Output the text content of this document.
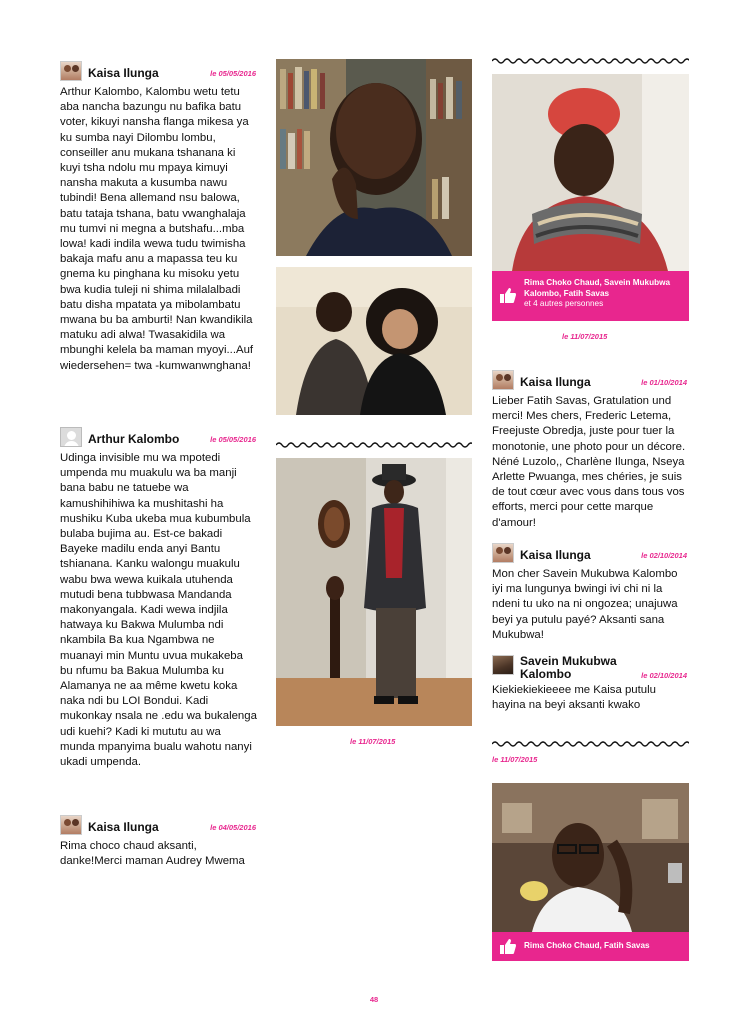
Kaisa Ilunga	le 05/05/2016
Arthur Kalombo, Kalombu wetu tetu aba nancha bazungu nu bafika batu voter, kikuyi nansha flanga mikesa ya ku sumba nayi Dilombu lombu, conseiller anu mukana tshanana ki kuyi tsha ndolu mu mpaya kimuyi nansha makuta a kusumba nawu tubindi! Bena allemand nsu balowa, batu tataja tshana, batu vwanghalaja mu tumvi ni megna a butshafu...mba lowa! kadi indila wewa tudu twimisha bakaja mafu anu a mapassa teu ku gnema ku pinghana ku misoku yetu bwa kudia tuleji ni shima milalalbadi batu disha mpatata ya mibolambatu mwana bu ba amburti! Nan kwandikila matuku adi alwa! Twasakidila wa mbunghi kelela ba maman myoyi...Auf wiedersehen= twa -kumwanwnghana!
Arthur Kalombo	le 05/05/2016
Udinga invisible mu wa mpotedi umpenda mu muakulu wa ba manji bana babu ne tatuebe wa kamushihihiwa ka mushitashi ha mushiku Kuba ukeba mua kubumbula bulaba bujima au. Est-ce bakadi Bayeke madilu enda anyi Bantu tshianana. Kanku walongu muakulu wabu bwa wewa kuikala utuhenda mutudi bena tubbwasa Mandanda makonyangala. Kadi wewa indjila hatwaya ku Bakwa Mulumba ndi nkambila Ba kua Ngambwa ne muanayi min Muntu uvua mukakeba bu nfumu ba Bakua Mulumba ku Alamanya ne aa même kwetu koka naka ndi bu LOI Bondui. Kadi mukonkay nsala ne .edu wa bukalenga udi kuehi? Kadi ki mututu au wa munda mpanyima bualu wahotu nanyi ukadi umpenda.
Kaisa Ilunga	le 04/05/2016
Rima choco chaud aksanti, danke!Merci maman Audrey Mwema
le 11/07/2015
Rima Choko Chaud, Savein Mukubwa Kalombo, Fatih Savas
et 4 autres personnes
le 11/07/2015
Kaisa Ilunga	le 01/10/2014
Lieber Fatih Savas, Gratulation und merci! Mes chers, Frederic Letema, Freejuste Obredja, juste pour tuer la monotonie, une photo pour un décore. Néné Luzolo,, Charlène Ilunga, Nseya Arlette Pwuanga, mes chéries, je suis de tout cœur avec vous dans tous vos efforts, merci pour cette marque d'amour!
Kaisa Ilunga	le 02/10/2014
Mon cher Savein Mukubwa Kalombo iyi ma lungunya bwingi ivi chi ni la ndeni tu uko na ni ongozea; unajuwa beyi ya putulu payé? Aksanti sana Mukubwa!
Savein Mukubwa Kalombo	le 02/10/2014
Kiekiekiekieeee me Kaisa putulu hayina na beyi aksanti kwako
le 11/07/2015
Rima Choko Chaud, Fatih Savas
48
